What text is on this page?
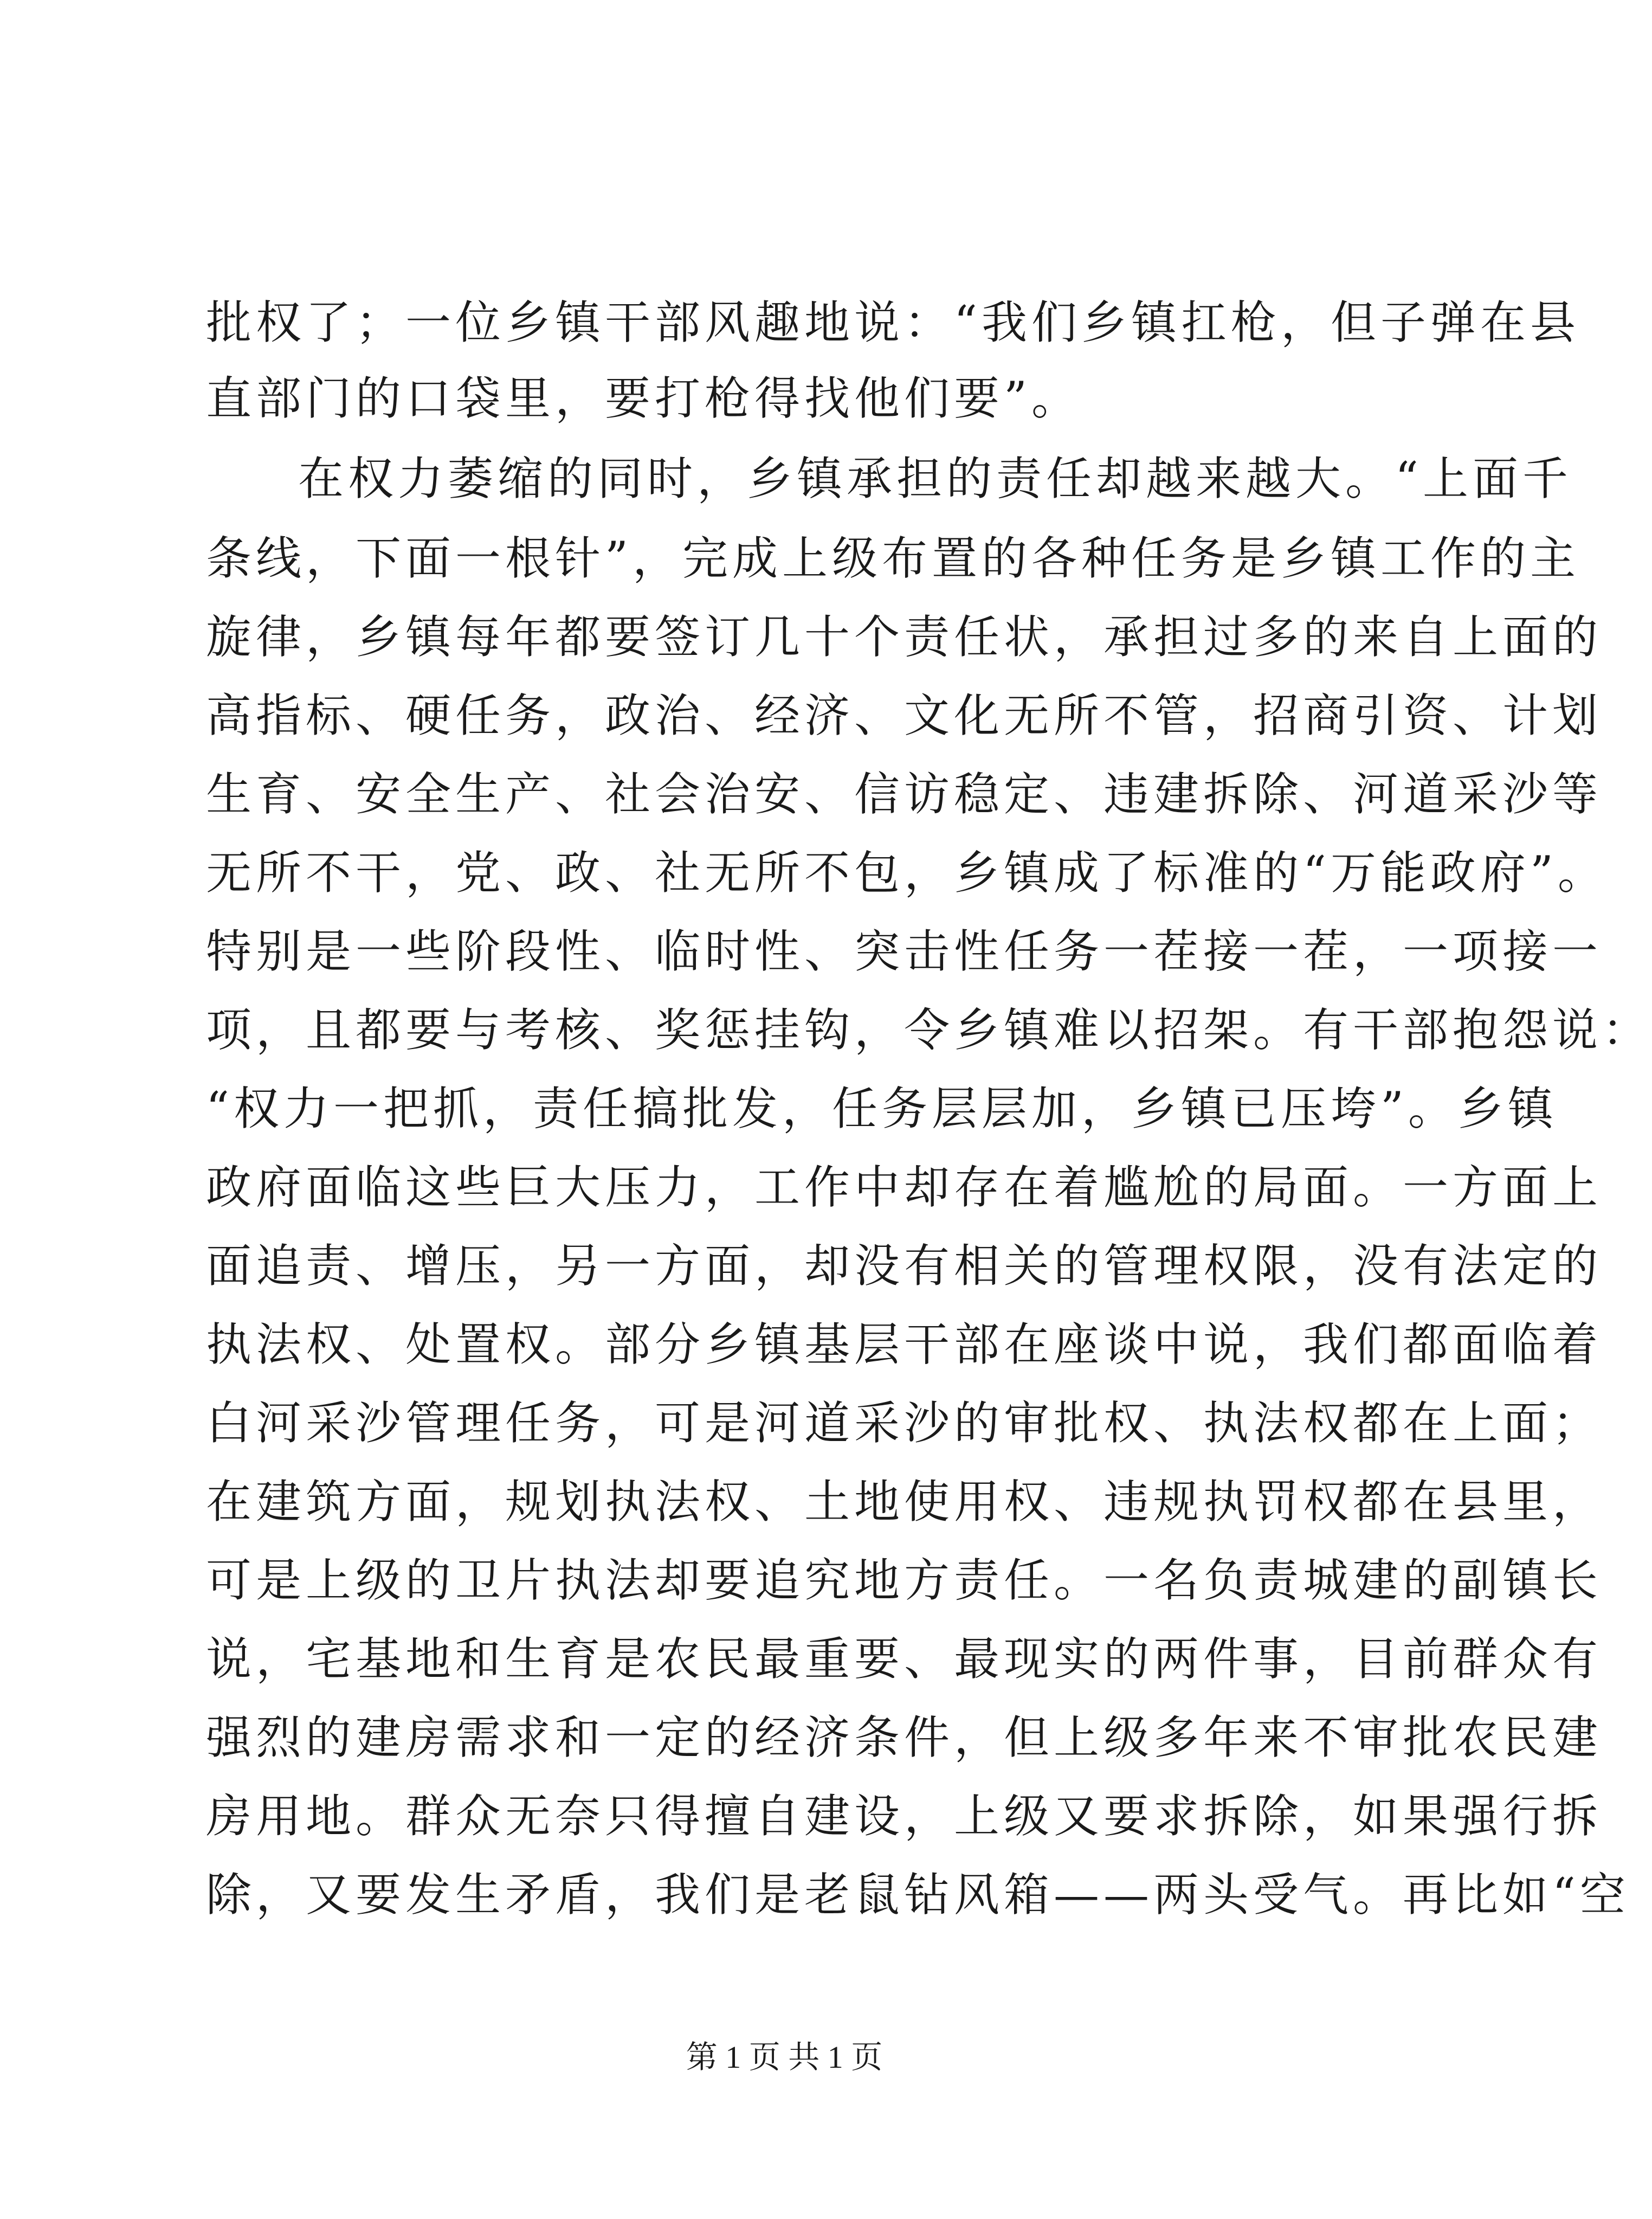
批权了；一位乡镇干部风趣地说：“我们乡镇扛枪，但子弹在县
直部门的口袋里，要打枪得找他们要”。
在权力萎缩的同时，乡镇承担的责任却越来越大。“上面千
条线，下面一根针”，完成上级布置的各种任务是乡镇工作的主
旋律，乡镇每年都要签订几十个责任状，承担过多的来自上面的
高指标、硬任务，政治、经济、文化无所不管，招商引资、计划
生育、安全生产、社会治安、信访稳定、违建拆除、河道采沙等
无所不干，党、政、社无所不包，乡镇成了标准的“万能政府”。
特别是一些阶段性、临时性、突击性任务一茬接一茬，一项接一
项，且都要与考核、奖惩挂钩，令乡镇难以招架。有干部抱怨说：
“权力一把抓，责任搞批发，任务层层加，乡镇已压垮”。乡镇
政府面临这些巨大压力，工作中却存在着尴尬的局面。一方面上
面追责、增压，另一方面，却没有相关的管理权限，没有法定的
执法权、处置权。部分乡镇基层干部在座谈中说，我们都面临着
白河采沙管理任务，可是河道采沙的审批权、执法权都在上面；
在建筑方面，规划执法权、土地使用权、违规执罚权都在县里，
可是上级的卫片执法却要追究地方责任。一名负责城建的副镇长
说，宅基地和生育是农民最重要、最现实的两件事，目前群众有
强烈的建房需求和一定的经济条件，但上级多年来不审批农民建
房用地。群众无奈只得擅自建设，上级又要求拆除，如果强行拆
除，又要发生矛盾，我们是老鼠钻风箱——两头受气。再比如“空
第 1 页 共 1 页
